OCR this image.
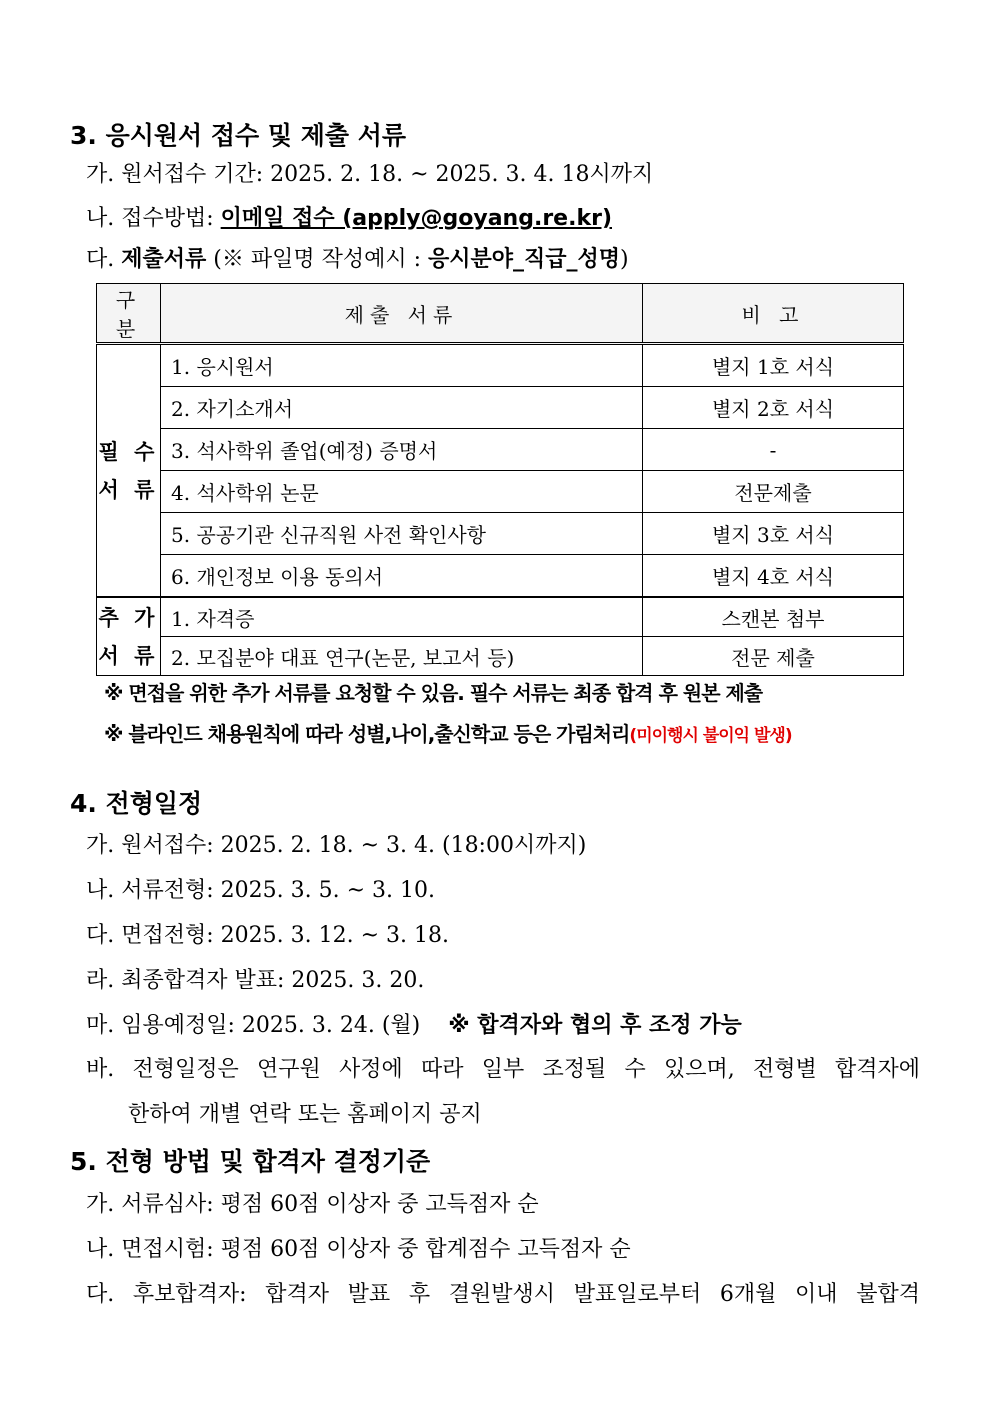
3. 응시원서 접수 및 제출 서류
가. 원서접수 기간: 2025. 2. 18. ~ 2025. 3. 4. 18시까지
나. 접수방법: 이메일 접수 (apply@goyang.re.kr)
다. 제출서류 (※ 파일명 작성예시 : 응시분야_직급_성명)
구 분	제출 서류	비 고

필 수
서 류	1. 응시원서	별지 1호 서식
	2. 자기소개서	별지 2호 서식
	3. 석사학위 졸업(예정) 증명서	-
	4. 석사학위 논문	전문제출
	5. 공공기관 신규직원 사전 확인사항	별지 3호 서식
	6. 개인정보 이용 동의서	별지 4호 서식

추 가
서 류	1. 자격증	스캔본 첨부
	2. 모집분야 대표 연구(논문, 보고서 등)	전문 제출
※ 면접을 위한 추가 서류를 요청할 수 있음. 필수 서류는 최종 합격 후 원본 제출
※ 블라인드 채용원칙에 따라 성별,나이,출신학교 등은 가림처리(미이행시 불이익 발생)
4. 전형일정
가. 원서접수: 2025. 2. 18. ~ 3. 4. (18:00시까지)
나. 서류전형: 2025. 3. 5. ~ 3. 10.
다. 면접전형: 2025. 3. 12. ~ 3. 18.
라. 최종합격자 발표: 2025. 3. 20.
마. 임용예정일: 2025. 3. 24. (월) ※ 합격자와 협의 후 조정 가능
바. 전형일정은 연구원 사정에 따라 일부 조정될 수 있으며, 전형별 합격자에
한하여 개별 연락 또는 홈페이지 공지
5. 전형 방법 및 합격자 결정기준
가. 서류심사: 평점 60점 이상자 중 고득점자 순
나. 면접시험: 평점 60점 이상자 중 합계점수 고득점자 순
다. 후보합격자: 합격자 발표 후 결원발생시 발표일로부터 6개월 이내 불합격
